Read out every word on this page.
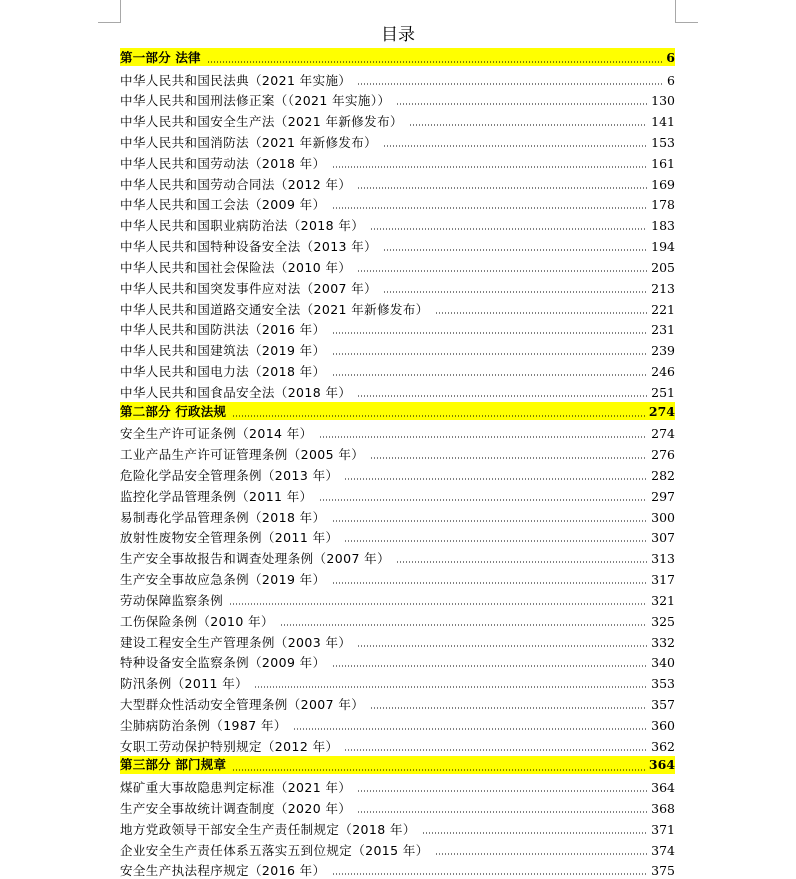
目录
第一部分 法律	6
中华人民共和国民法典（2021 年实施）	6
中华人民共和国刑法修正案（（2021 年实施））	130
中华人民共和国安全生产法（2021 年新修发布）	141
中华人民共和国消防法（2021 年新修发布）	153
中华人民共和国劳动法（2018 年）	161
中华人民共和国劳动合同法（2012 年）	169
中华人民共和国工会法（2009 年）	178
中华人民共和国职业病防治法（2018 年）	183
中华人民共和国特种设备安全法（2013 年）	194
中华人民共和国社会保险法（2010 年）	205
中华人民共和国突发事件应对法（2007 年）	213
中华人民共和国道路交通安全法（2021 年新修发布）	221
中华人民共和国防洪法（2016 年）	231
中华人民共和国建筑法（2019 年）	239
中华人民共和国电力法（2018 年）	246
中华人民共和国食品安全法（2018 年）	251
第二部分 行政法规	274
安全生产许可证条例（2014 年）	274
工业产品生产许可证管理条例（2005 年）	276
危险化学品安全管理条例（2013 年）	282
监控化学品管理条例（2011 年）	297
易制毒化学品管理条例（2018 年）	300
放射性废物安全管理条例（2011 年）	307
生产安全事故报告和调查处理条例（2007 年）	313
生产安全事故应急条例（2019 年）	317
劳动保障监察条例	321
工伤保险条例（2010 年）	325
建设工程安全生产管理条例（2003 年）	332
特种设备安全监察条例（2009 年）	340
防汛条例（2011 年）	353
大型群众性活动安全管理条例（2007 年）	357
尘肺病防治条例（1987 年）	360
女职工劳动保护特别规定（2012 年）	362
第三部分 部门规章	364
煤矿重大事故隐患判定标准（2021 年）	364
生产安全事故统计调查制度（2020 年）	368
地方党政领导干部安全生产责任制规定（2018 年）	371
企业安全生产责任体系五落实五到位规定（2015 年）	374
安全生产执法程序规定（2016 年）	375
